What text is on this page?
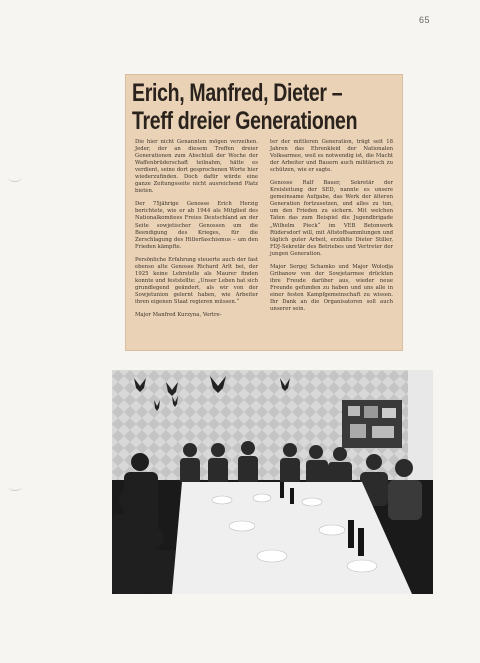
65
Erich, Manfred, Dieter –
Treff dreier Generationen

Die hier nicht Genannten mögen verzeihen. Jeder, der an diesem Treffen dreier Generationen zum Abschluß der Woche der Waffenbrüderschaft teilnahm, hätte es verdient, seine dort gesprochenen Worte hier wiederzufinden. Doch dafür würde eine ganze Zeitungsseite nicht ausreichend Platz bieten.

Der 75jährige Genosse Erich Herzig berichtete, wie er ab 1944 als Mitglied des Nationalkomitees Freies Deutschland an der Seite sowjetischer Genossen um die Beendigung des Krieges, für die Zerschlagung des Hitlerfaschismus – um den Frieden kämpfte.

Persönliche Erfahrung steuerte auch der fast ebenso alte Genosse Richard Arlt bei, der 1925 keine Lehrstelle als Maurer finden konnte und feststellte: „Unser Leben hat sich grundlegend geändert, als wir von der Sowjetunion gelernt haben, wie Arbeiter ihren eigenen Staat regieren müssen.“

Major Manfred Kurzyna, Vertre-

ter der mittleren Generation, trägt seit 18 Jahren das Ehrenkleid der Nationalen Volksarmee, weil es notwendig ist, die Macht der Arbeiter und Bauern auch militärisch zu schützen, wie er sagte.

Genosse Ralf Bauer, Sekretär der Kreisleitung der SED, nannte es unsere gemeinsame Aufgabe, das Werk der älteren Generation fortzusetzen, und alles zu tun, um den Frieden zu sichern. Mit welchen Taten das zum Beispiel die Jugendbrigade „Wilhelm Pieck“ im VEB Betonwerk Rüdersdorf will, mit Altstoffsammlungen und täglich guter Arbeit, erzählte Dieter Stiller, FDJ-Sekretär des Betriebes und Vertreter der jungen Generation.

Major Sergej Schamko und Major Wolodja Gribanow von der Sowjetarmee drückten ihre Freude darüber aus, wieder neue Freunde gefunden zu haben und uns alle in einer festen Kampfgemeinschaft zu wissen. Ihr Dank an die Organisatoren soll auch unserer sein.
